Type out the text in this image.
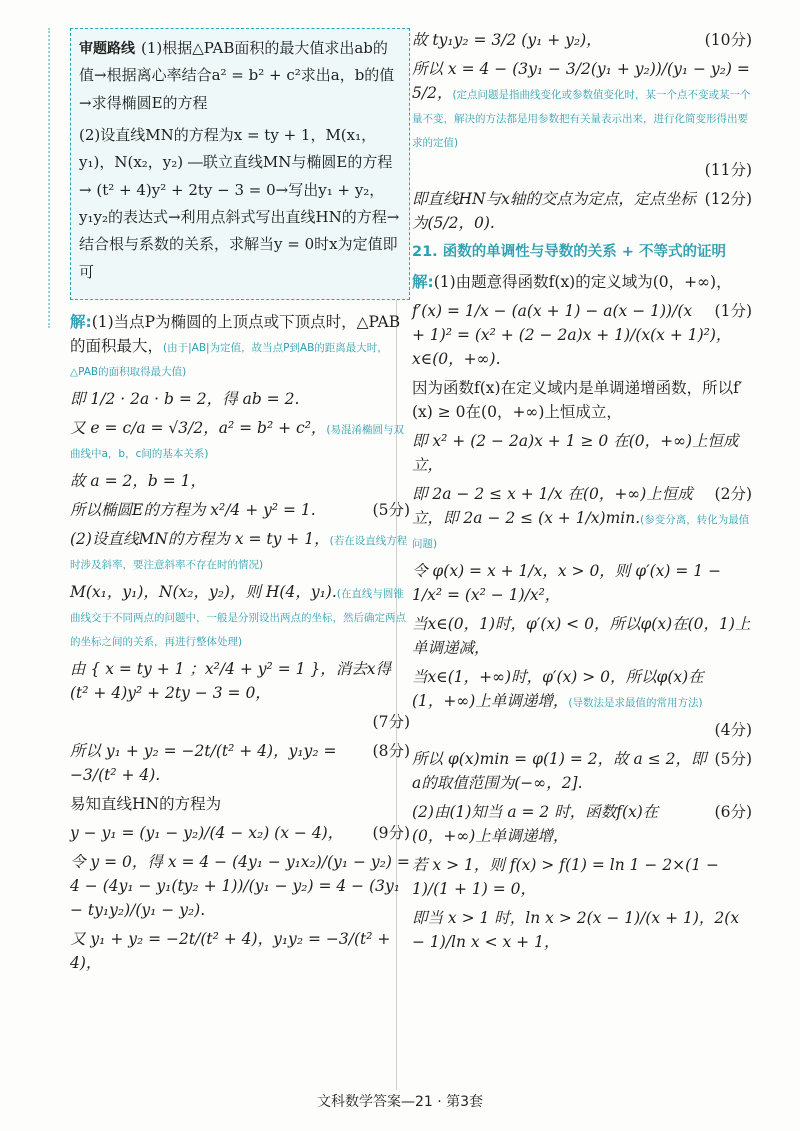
审题路线 (1)根据△PAB面积的最大值求出ab的值→根据离心率结合a² = b² + c²求出a，b的值→求得椭圆E的方程

(2)设直线MN的方程为x = ty + 1，M(x₁，y₁)，N(x₂，y₂) ―联立直线MN与椭圆E的方程→ (t² + 4)y² + 2ty − 3 = 0→写出y₁ + y₂，y₁y₂的表达式→利用点斜式写出直线HN的方程→结合根与系数的关系，求解当y = 0时x为定值即可

解:(1)当点P为椭圆的上顶点或下顶点时，△PAB的面积最大，(由于|AB|为定值，故当点P到AB的距离最大时，△PAB的面积取得最大值)

即 1/2 · 2a · b = 2，得 ab = 2.

又 e = c/a = √3/2，a² = b² + c²，(易混淆椭圆与双曲线中a，b，c间的基本关系)

故 a = 2，b = 1，

(5分)
所以椭圆E的方程为 x²/4 + y² = 1.

(2)设直线MN的方程为 x = ty + 1，(若在设直线方程时涉及斜率，要注意斜率不存在时的情况)

M(x₁，y₁)，N(x₂，y₂)，则 H(4，y₁).(在直线与圆锥曲线交于不同两点的问题中，一般是分别设出两点的坐标，然后确定两点的坐标之间的关系，再进行整体处理)

由 { x = ty + 1 ；x²/4 + y² = 1 }，消去x得 (t² + 4)y² + 2ty − 3 = 0，

(7分)

(8分)
所以 y₁ + y₂ = −2t/(t² + 4)，y₁y₂ = −3/(t² + 4).

易知直线HN的方程为

(9分)
y − y₁ = (y₁ − y₂)/(4 − x₂) (x − 4)，

令 y = 0，得 x = 4 − (4y₁ − y₁x₂)/(y₁ − y₂) = 4 − (4y₁ − y₁(ty₂ + 1))/(y₁ − y₂) = 4 − (3y₁ − ty₁y₂)/(y₁ − y₂).

又 y₁ + y₂ = −2t/(t² + 4)，y₁y₂ = −3/(t² + 4)，

(10分)
故 ty₁y₂ = 3/2 (y₁ + y₂)，

所以 x = 4 − (3y₁ − 3/2(y₁ + y₂))/(y₁ − y₂) = 5/2，(定点问题是指曲线变化或参数值变化时，某一个点不变或某一个量不变，解决的方法都是用参数把有关量表示出来，进行化简变形得出要求的定值)

(11分)

(12分)
即直线HN与x轴的交点为定点，定点坐标为(5/2，0).

21. 函数的单调性与导数的关系 + 不等式的证明

解:(1)由题意得函数f(x)的定义域为(0，+∞)，

(1分)
f′(x) = 1/x − (a(x + 1) − a(x − 1))/(x + 1)² = (x² + (2 − 2a)x + 1)/(x(x + 1)²)，x∈(0，+∞).

因为函数f(x)在定义域内是单调递增函数，所以f′(x) ≥ 0在(0，+∞)上恒成立，

即 x² + (2 − 2a)x + 1 ≥ 0 在(0，+∞)上恒成立，

(2分)
即 2a − 2 ≤ x + 1/x 在(0，+∞)上恒成立，即 2a − 2 ≤ (x + 1/x)min.(参变分离，转化为最值问题)

令 φ(x) = x + 1/x，x > 0，则 φ′(x) = 1 − 1/x² = (x² − 1)/x²，

当x∈(0，1)时，φ′(x) < 0，所以φ(x)在(0，1)上单调递减，

当x∈(1，+∞)时，φ′(x) > 0，所以φ(x)在(1，+∞)上单调递增，(导数法是求最值的常用方法)

(4分)

(5分)
所以 φ(x)min = φ(1) = 2，故 a ≤ 2，即a的取值范围为(−∞，2].

(6分)
(2)由(1)知当 a = 2 时，函数f(x)在(0，+∞)上单调递增，

若 x > 1，则 f(x) > f(1) = ln 1 − 2×(1 − 1)/(1 + 1) = 0，

即当 x > 1 时，ln x > 2(x − 1)/(x + 1)，2(x − 1)/ln x < x + 1，

文科数学答案—21 · 第3套
